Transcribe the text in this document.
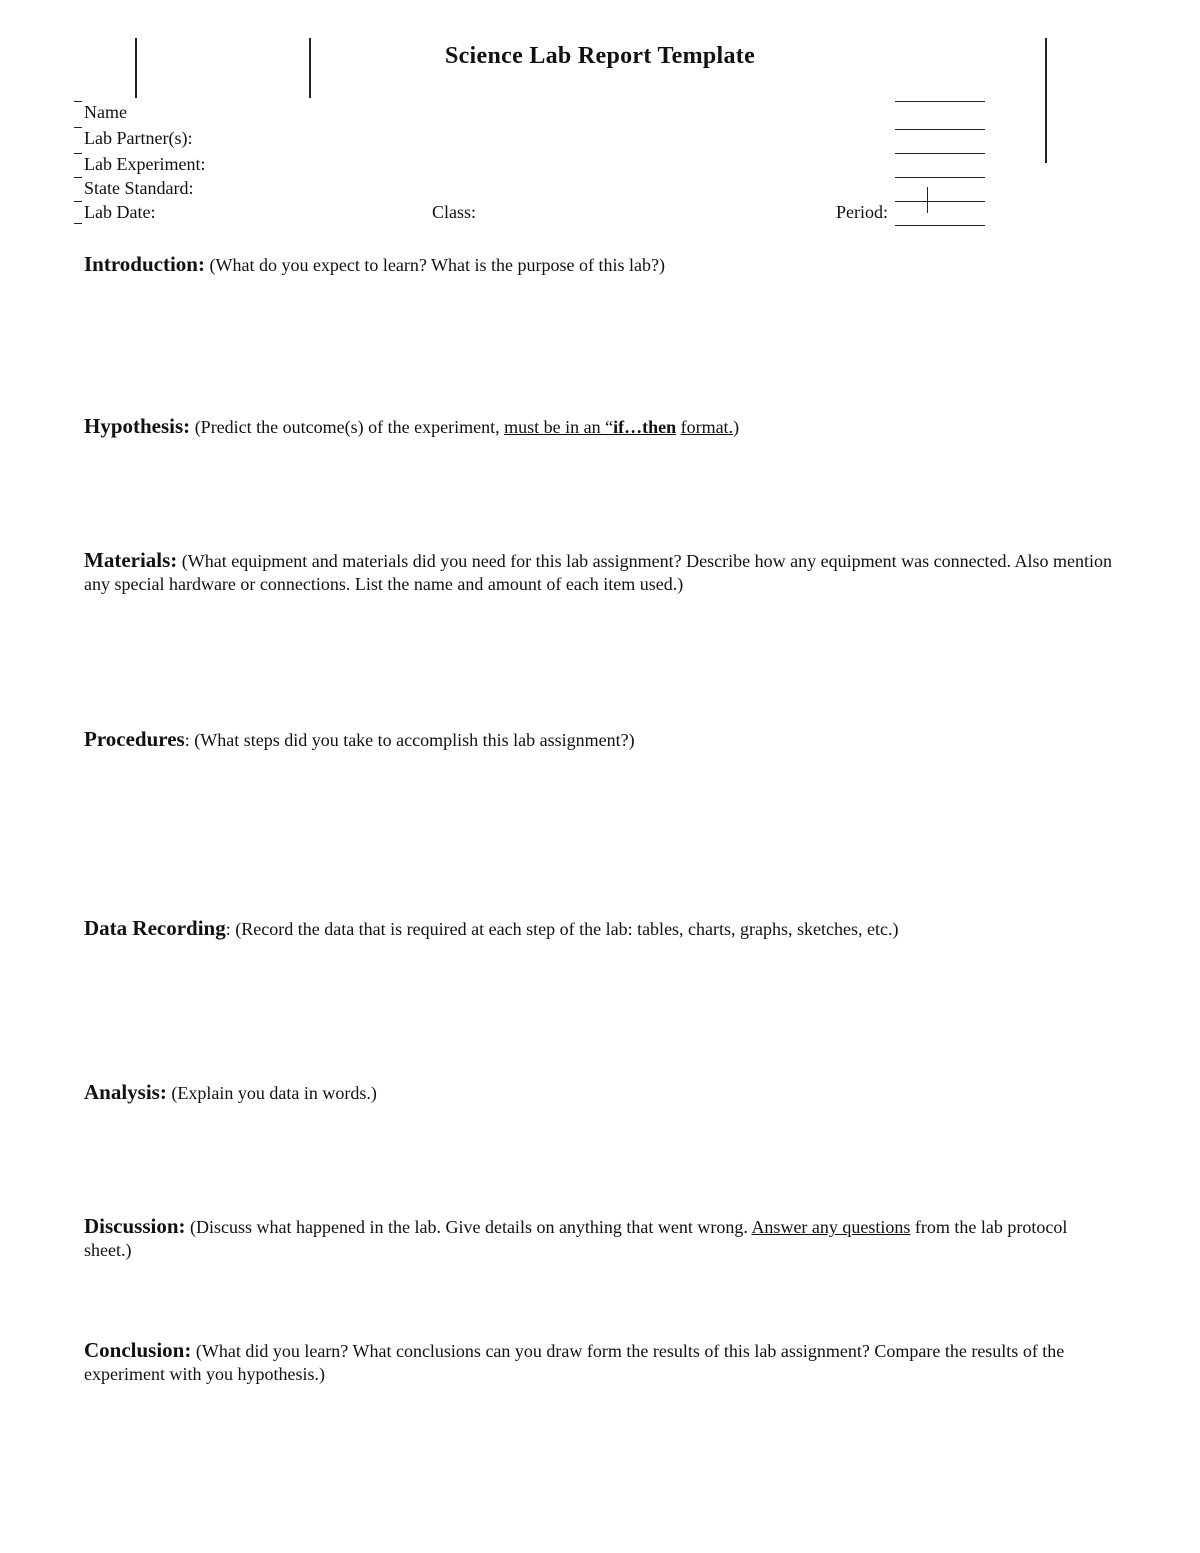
Science Lab Report Template
Name
Lab Partner(s):
Lab Experiment:
State Standard:
Lab Date:	Class:	Period:
Introduction: (What do you expect to learn? What is the purpose of this lab?)
Hypothesis: (Predict the outcome(s) of the experiment, must be in an “if…then format.)
Materials: (What equipment and materials did you need for this lab assignment? Describe how any equipment was connected. Also mention any special hardware or connections. List the name and amount of each item used.)
Procedures: (What steps did you take to accomplish this lab assignment?)
Data Recording: (Record the data that is required at each step of the lab: tables, charts, graphs, sketches, etc.)
Analysis: (Explain you data in words.)
Discussion: (Discuss what happened in the lab. Give details on anything that went wrong. Answer any questions from the lab protocol sheet.)
Conclusion: (What did you learn? What conclusions can you draw form the results of this lab assignment? Compare the results of the experiment with you hypothesis.)
